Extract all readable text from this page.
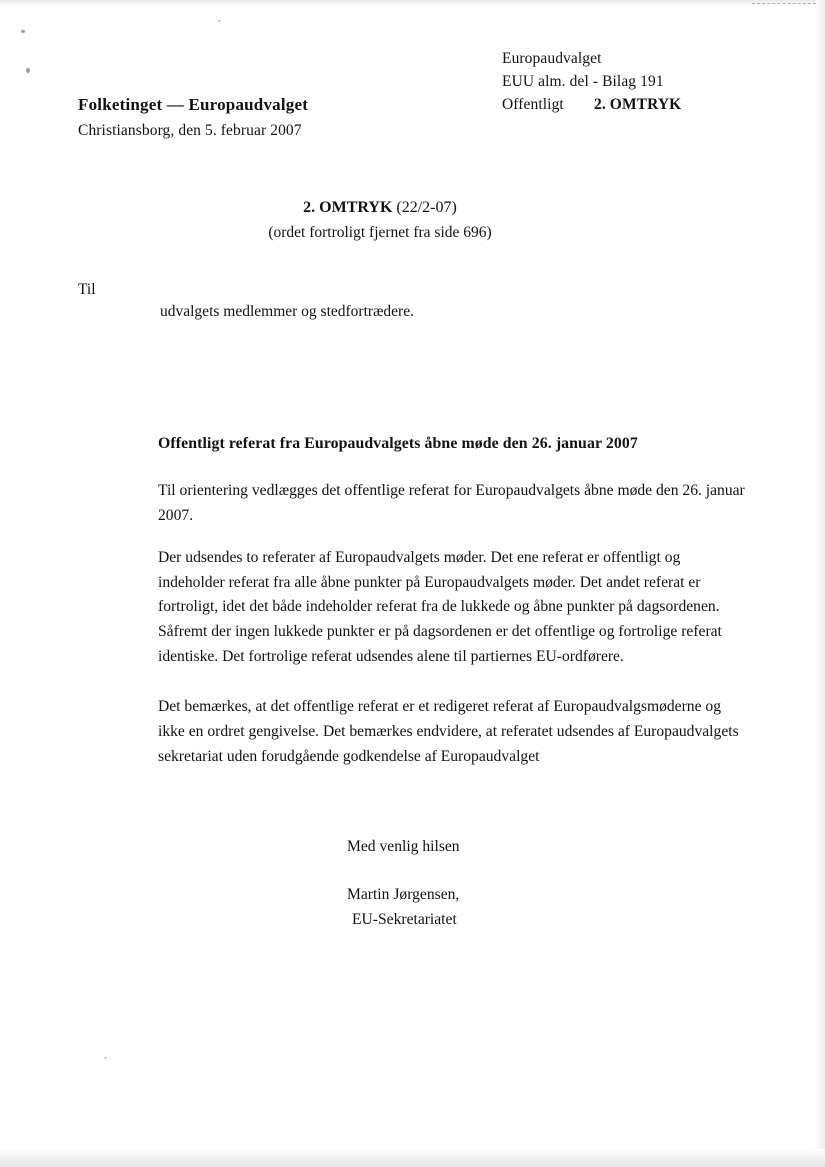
Europaudvalget
EUU alm. del - Bilag 191
Offentligt	2. OMTRYK

Folketinget — Europaudvalget

Christiansborg, den 5. februar 2007

2. OMTRYK (22/2-07)
(ordet fortroligt fjernet fra side 696)
Til
udvalgets medlemmer og stedfortrædere.
Offentligt referat fra Europaudvalgets åbne møde den 26. januar 2007

Til orientering vedlægges det offentlige referat for Europaudvalgets åbne møde den 26. januar 2007.

Der udsendes to referater af Europaudvalgets møder. Det ene referat er offentligt og indeholder referat fra alle åbne punkter på Europaudvalgets møder. Det andet referat er fortroligt, idet det både indeholder referat fra de lukkede og åbne punkter på dagsordenen. Såfremt der ingen lukkede punkter er på dagsordenen er det offentlige og fortrolige referat identiske. Det fortrolige referat udsendes alene til partiernes EU-ordførere.

Det bemærkes, at det offentlige referat er et redigeret referat af Europaudvalgsmøderne og ikke en ordret gengivelse. Det bemærkes endvidere, at referatet udsendes af Europaudvalgets sekretariat uden forudgående godkendelse af Europaudvalget

Med venlig hilsen
Martin Jørgensen,
EU-Sekretariatet
